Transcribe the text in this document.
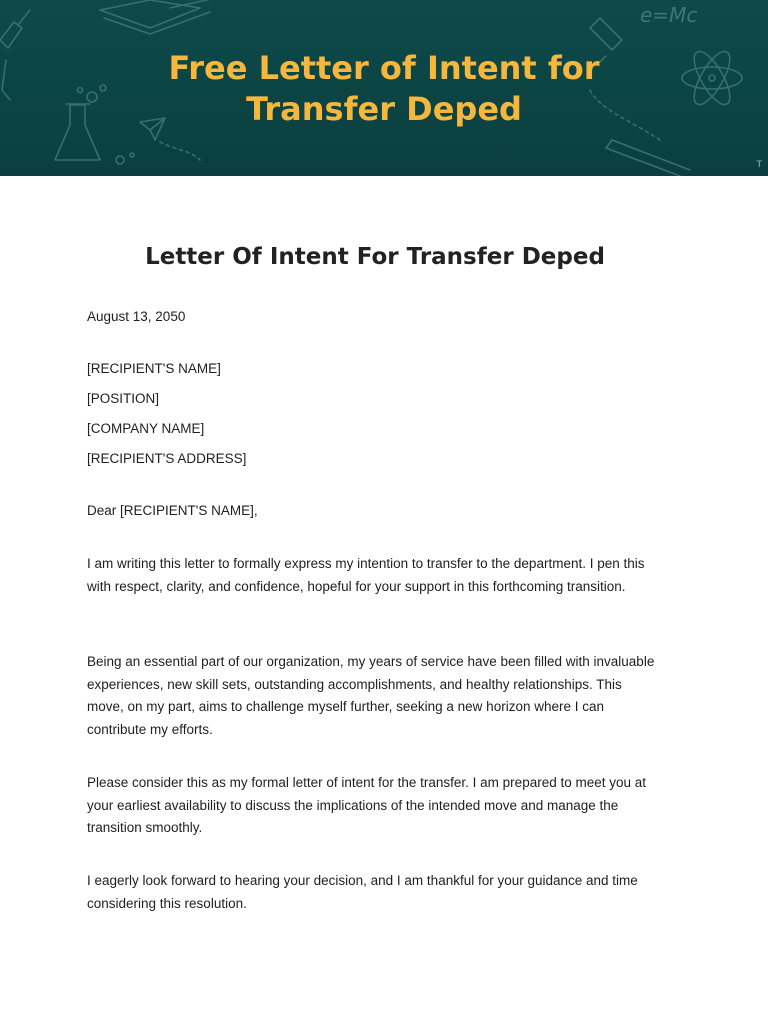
e=Mc
Free Letter of Intent for
Transfer Deped
T
Letter Of Intent For Transfer Deped
August 13, 2050
[RECIPIENT'S NAME]
[POSITION]
[COMPANY NAME]
[RECIPIENT'S ADDRESS]
Dear [RECIPIENT'S NAME],

I am writing this letter to formally express my intention to transfer to the department. I pen this with respect, clarity, and confidence, hopeful for your support in this forthcoming transition.

Being an essential part of our organization, my years of service have been filled with invaluable experiences, new skill sets, outstanding accomplishments, and healthy relationships. This move, on my part, aims to challenge myself further, seeking a new horizon where I can contribute my efforts.

Please consider this as my formal letter of intent for the transfer. I am prepared to meet you at your earliest availability to discuss the implications of the intended move and manage the transition smoothly.

I eagerly look forward to hearing your decision, and I am thankful for your guidance and time considering this resolution.
